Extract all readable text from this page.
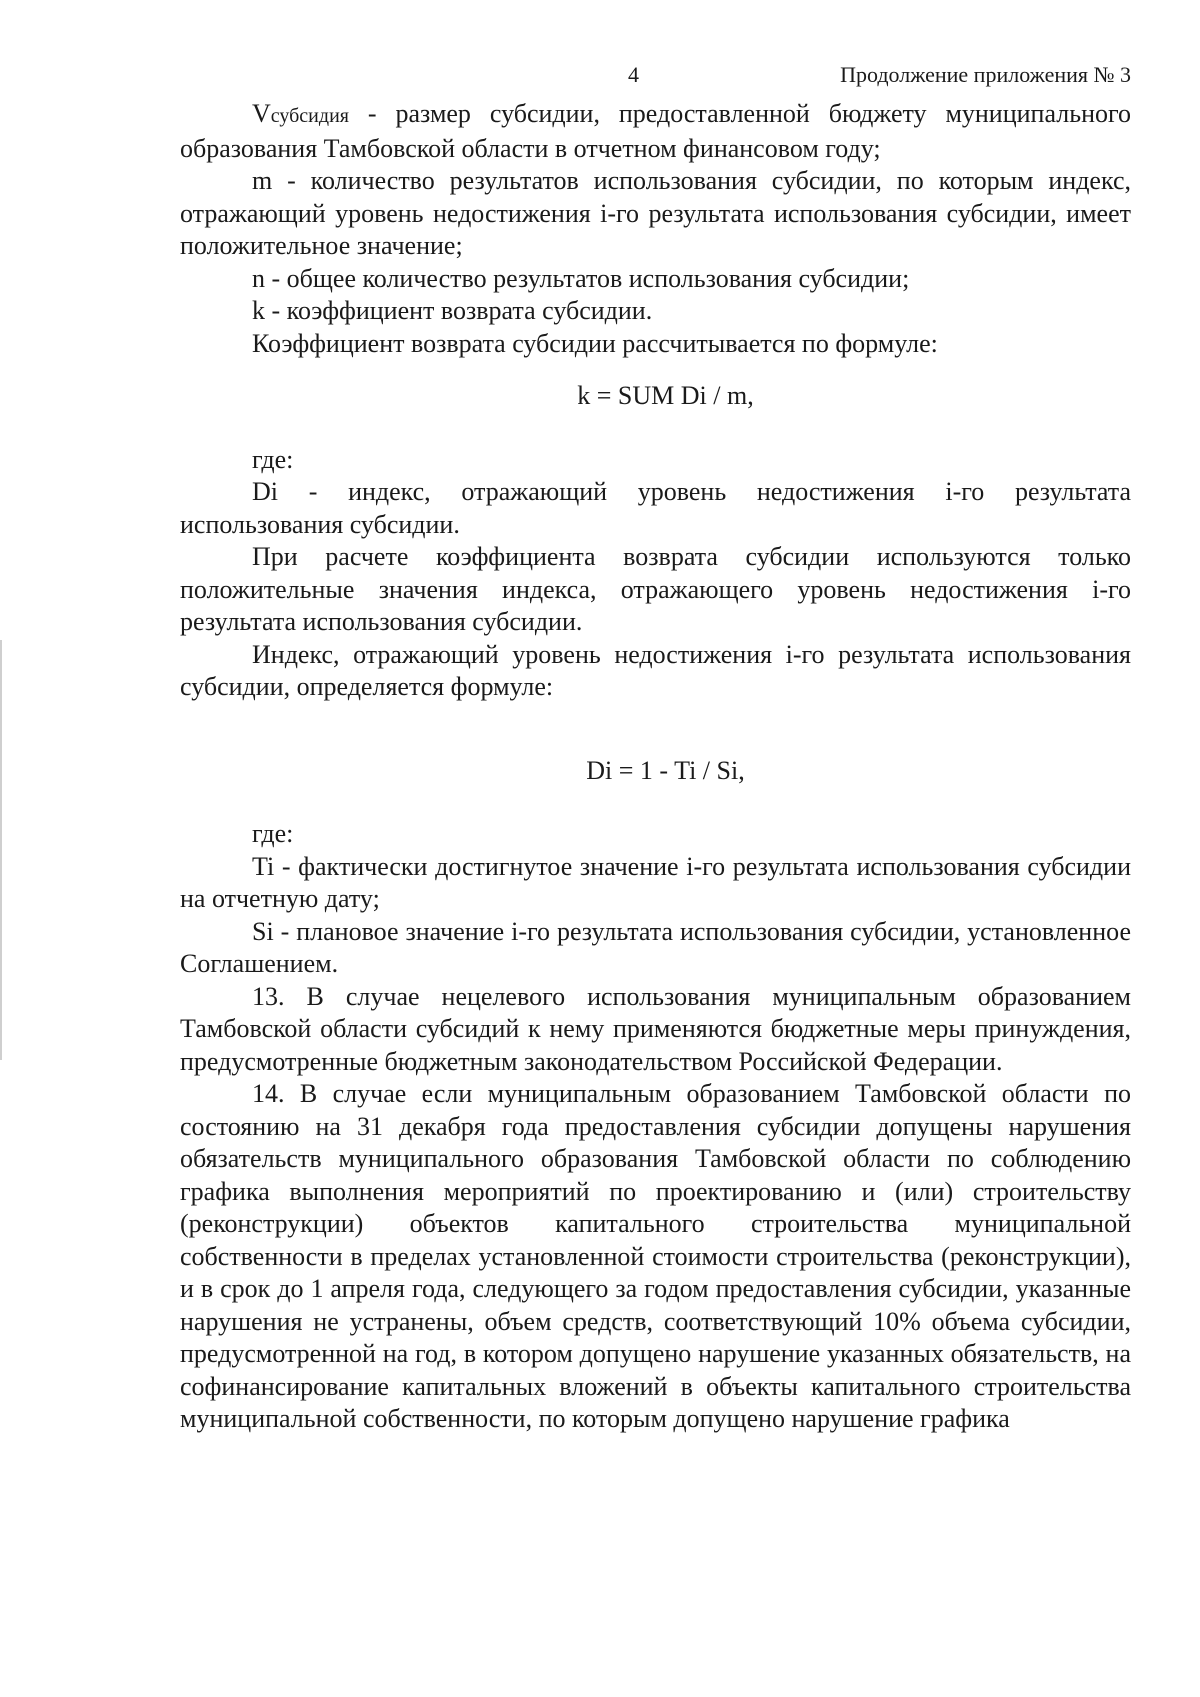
4	Продолжение приложения № 3

Vсубсидия - размер субсидии, предоставленной бюджету муниципального образования Тамбовской области в отчетном финансовом году;

m - количество результатов использования субсидии, по которым индекс, отражающий уровень недостижения i-го результата использования субсидии, имеет положительное значение;

n - общее количество результатов использования субсидии;

k - коэффициент возврата субсидии.

Коэффициент возврата субсидии рассчитывается по формуле:

k = SUM Di / m,

где:

Di - индекс, отражающий уровень недостижения i-го результата использования субсидии.

При расчете коэффициента возврата субсидии используются только положительные значения индекса, отражающего уровень недостижения i-го результата использования субсидии.

Индекс, отражающий уровень недостижения i-го результата использования субсидии, определяется формуле:

Di = 1 - Ti / Si,

где:

Ti - фактически достигнутое значение i-го результата использования субсидии на отчетную дату;

Si - плановое значение i-го результата использования субсидии, установленное Соглашением.

13. В случае нецелевого использования муниципальным образованием Тамбовской области субсидий к нему применяются бюджетные меры принуждения, предусмотренные бюджетным законодательством Российской Федерации.

14. В случае если муниципальным образованием Тамбовской области по состоянию на 31 декабря года предоставления субсидии допущены нарушения обязательств муниципального образования Тамбовской области по соблюдению графика выполнения мероприятий по проектированию и (или) строительству (реконструкции) объектов капитального строительства муниципальной собственности в пределах установленной стоимости строительства (реконструкции), и в срок до 1 апреля года, следующего за годом предоставления субсидии, указанные нарушения не устранены, объем средств, соответствующий 10% объема субсидии, предусмотренной на год, в котором допущено нарушение указанных обязательств, на софинансирование капитальных вложений в объекты капитального строительства муниципальной собственности, по которым допущено нарушение графика
